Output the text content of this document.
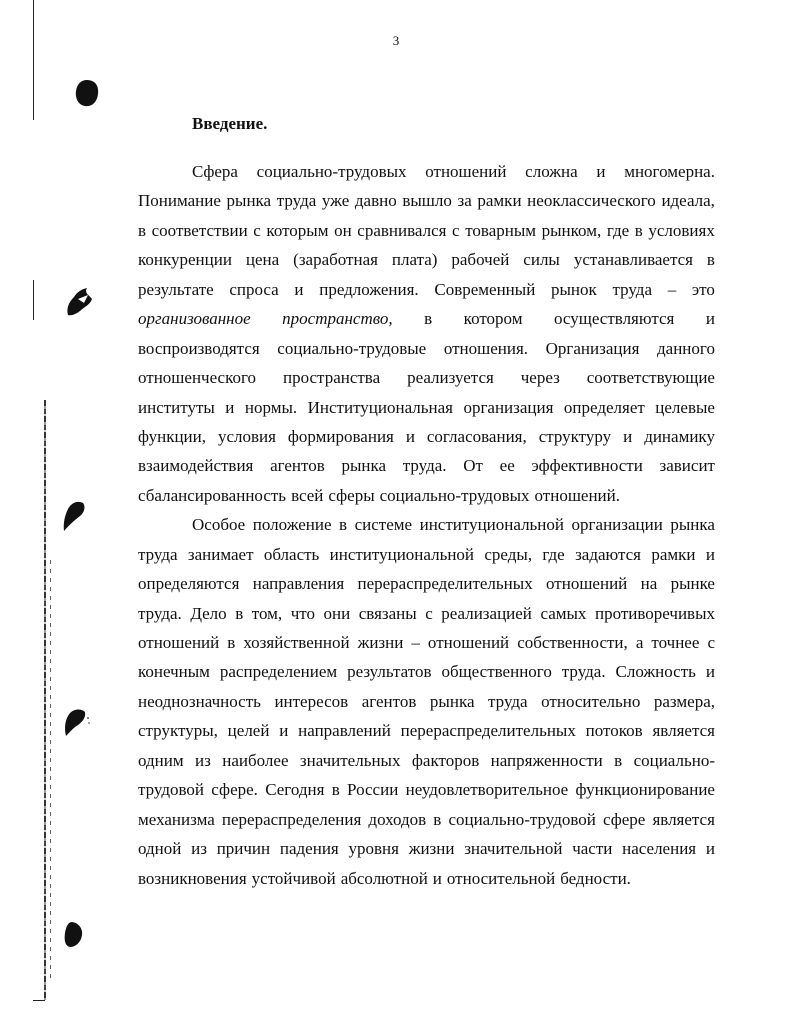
3
Введение.
Сфера социально-трудовых отношений сложна и многомерна.
Понимание рынка труда уже давно вышло за рамки неоклассического идеала,
в соответствии с которым он сравнивался с товарным рынком, где в условиях
конкуренции цена (заработная плата) рабочей силы устанавливается в
результате спроса и предложения. Современный рынок труда – это
организованное пространство, в котором осуществляются и
воспроизводятся социально-трудовые отношения. Организация данного
отношенческого пространства реализуется через соответствующие
институты и нормы. Институциональная организация определяет целевые
функции, условия формирования и согласования, структуру и динамику
взаимодействия агентов рынка труда. От ее эффективности зависит
сбалансированность всей сферы социально-трудовых отношений.
Особое положение в системе институциональной организации рынка
труда занимает область институциональной среды, где задаются рамки и
определяются направления перераспределительных отношений на рынке
труда. Дело в том, что они связаны с реализацией самых противоречивых
отношений в хозяйственной жизни – отношений собственности, а точнее с
конечным распределением результатов общественного труда. Сложность и
неоднозначность интересов агентов рынка труда относительно размера,
структуры, целей и направлений перераспределительных потоков является
одним из наиболее значительных факторов напряженности в социально-
трудовой сфере. Сегодня в России неудовлетворительное функционирование
механизма перераспределения доходов в социально-трудовой сфере является
одной из причин падения уровня жизни значительной части населения и
возникновения устойчивой абсолютной и относительной бедности.
